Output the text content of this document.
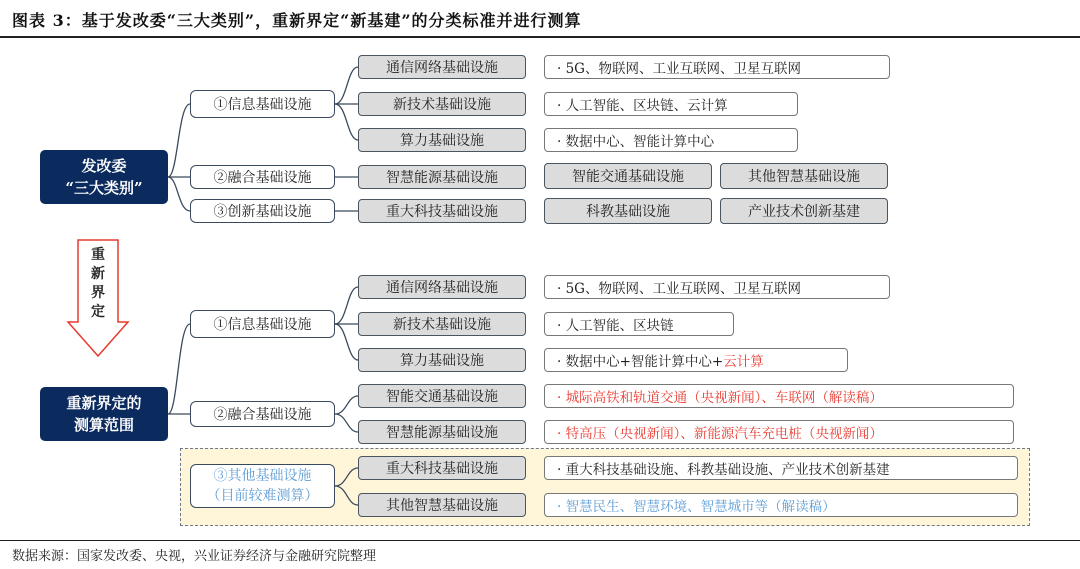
图表 3：基于发改委“三大类别”，重新界定“新基建”的分类标准并进行测算
发改委
“三大类别”
①信息基础设施
②融合基础设施
③创新基础设施
通信网络基础设施
新技术基础设施
算力基础设施
智慧能源基础设施
重大科技基础设施
· 5G、物联网、工业互联网、卫星互联网
· 人工智能、区块链、云计算
· 数据中心、智能计算中心
智能交通基础设施	其他智慧基础设施
科教基础设施	产业技术创新基建
重
新
界
定
重新界定的
测算范围
①信息基础设施
②融合基础设施
③其他基础设施
（目前较难测算）
通信网络基础设施
新技术基础设施
算力基础设施
智能交通基础设施
智慧能源基础设施
重大科技基础设施
其他智慧基础设施
· 5G、物联网、工业互联网、卫星互联网
· 人工智能、区块链
· 数据中心+智能计算中心+ 云计算
· 城际高铁和轨道交通（央视新闻）、车联网（解读稿）
· 特高压（央视新闻）、新能源汽车充电桩（央视新闻）
· 重大科技基础设施、科教基础设施、产业技术创新基建
· 智慧民生、智慧环境、智慧城市等（解读稿）
数据来源：国家发改委、央视，兴业证券经济与金融研究院整理
